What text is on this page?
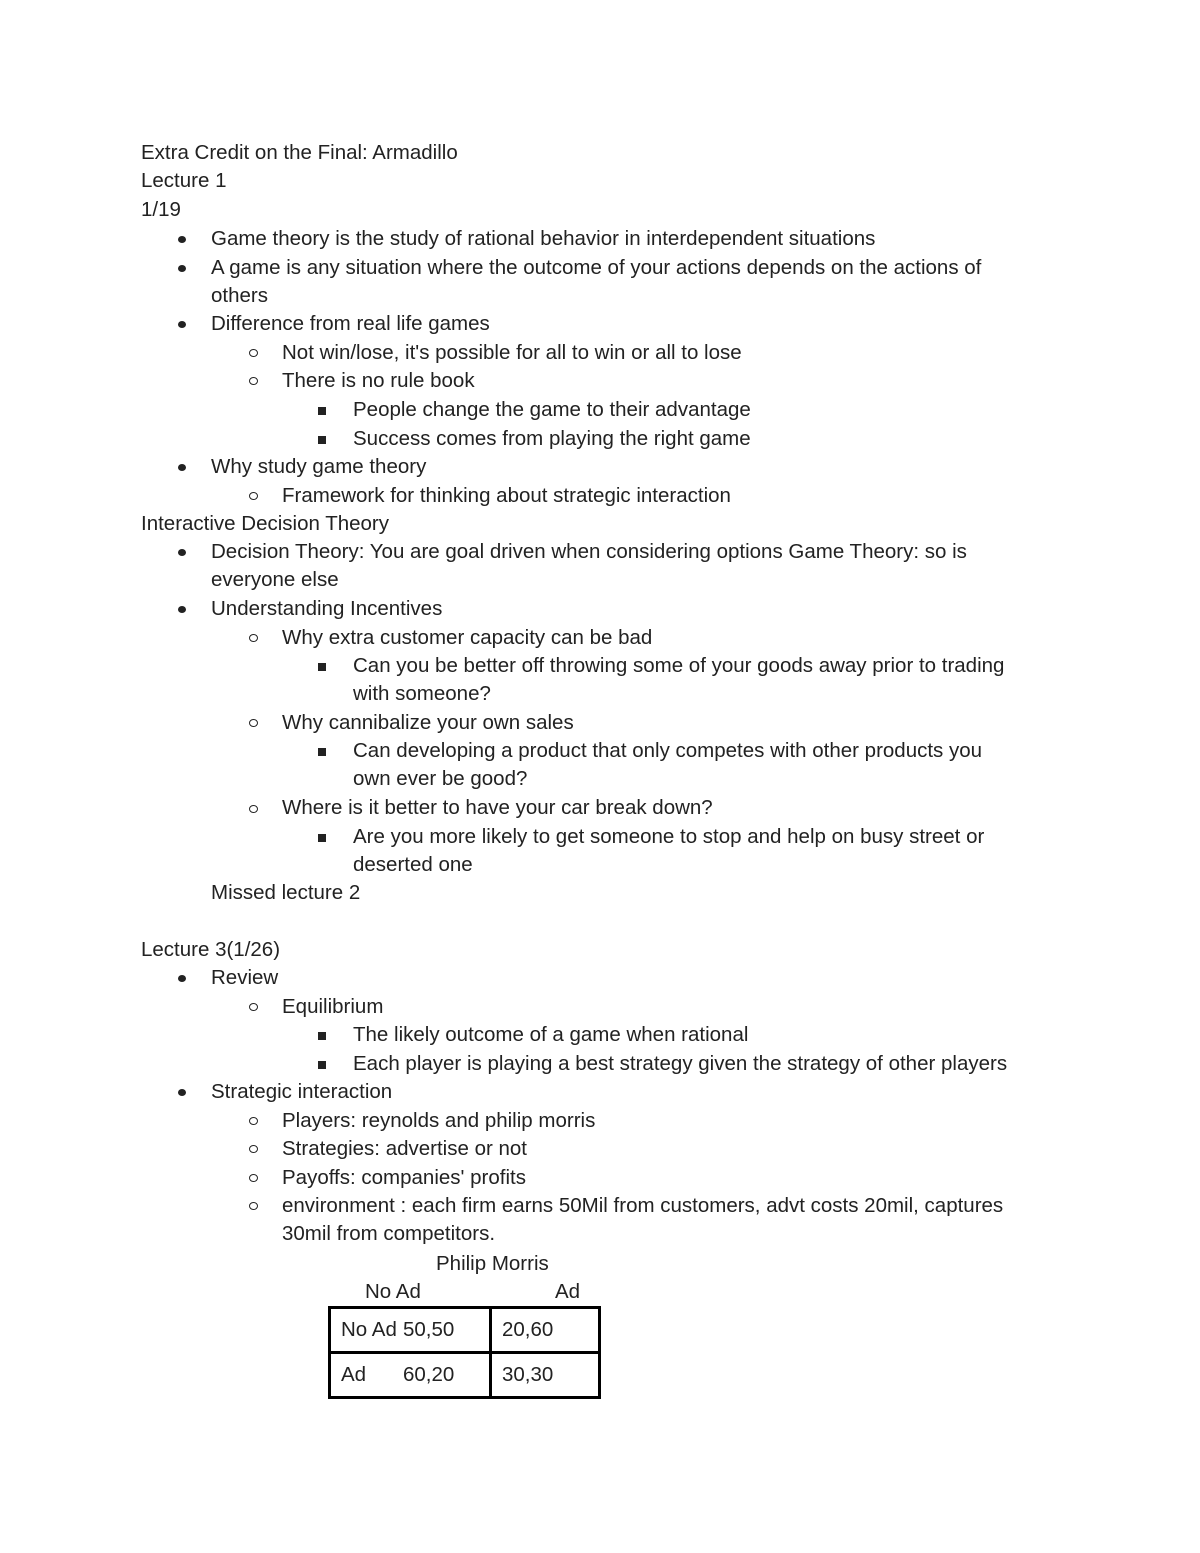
Extra Credit on the Final: Armadillo
Lecture 1
1/19
Game theory is the study of rational behavior in interdependent situations
A game is any situation where the outcome of your actions depends on the actions of
others
Difference from real life games
Not win/lose, it's possible for all to win or all to lose
There is no rule book
People change the game to their advantage
Success comes from playing the right game
Why study game theory
Framework for thinking about strategic interaction
Interactive Decision Theory
Decision Theory: You are goal driven when considering options Game Theory: so is
everyone else
Understanding Incentives
Why extra customer capacity can be bad
Can you be better off throwing some of your goods away prior to trading
with someone?
Why cannibalize your own sales
Can developing a product that only competes with other products you
own ever be good?
Where is it better to have your car break down?
Are you more likely to get someone to stop and help on busy street or
deserted one
Missed lecture 2
Lecture 3(1/26)
Review
Equilibrium
The likely outcome of a game when rational
Each player is playing a best strategy given the strategy of other players
Strategic interaction
Players: reynolds and philip morris
Strategies: advertise or not
Payoffs: companies' profits
environment : each firm earns 50Mil from customers, advt costs 20mil, captures
30mil from competitors.
Philip Morris
No Ad	Ad
No Ad 50,50	20,60
Ad 60,20	30,30
